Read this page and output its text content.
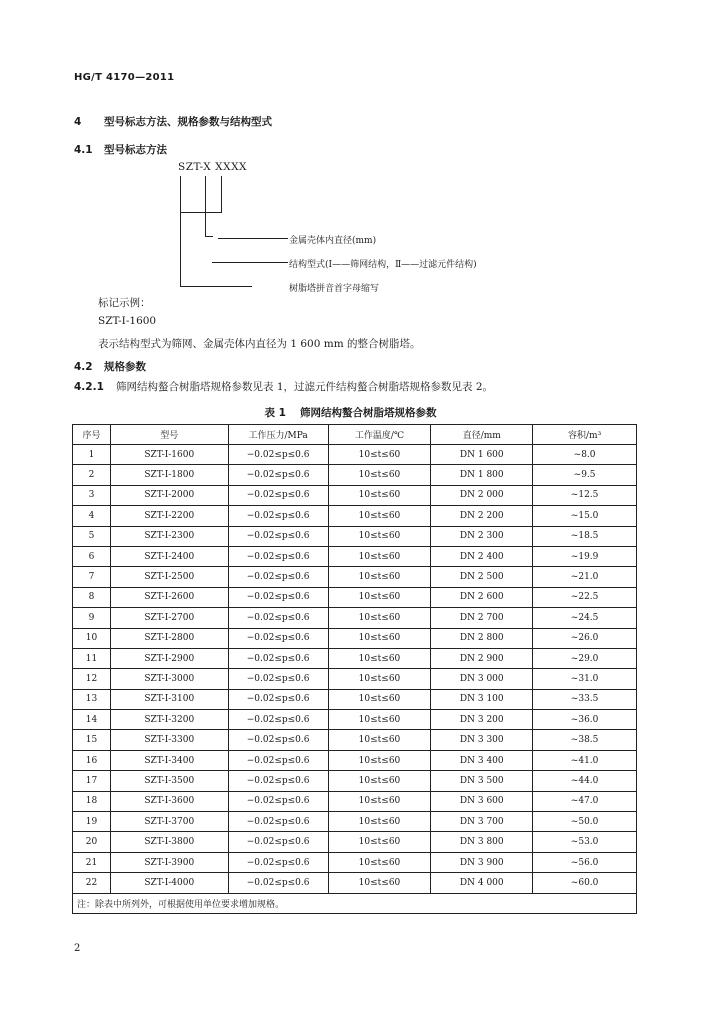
HG/T 4170—2011
4 型号标志方法、规格参数与结构型式
4.1 型号标志方法
SZT-X XXXX
金属壳体内直径(mm)
结构型式(Ⅰ——筛网结构，Ⅱ——过滤元件结构)
树脂塔拼音首字母缩写
标记示例：
SZT-Ⅰ-1600
表示结构型式为筛网、金属壳体内直径为 1 600 mm 的整合树脂塔。
4.2 规格参数
4.2.1 筛网结构螯合树脂塔规格参数见表 1，过滤元件结构螯合树脂塔规格参数见表 2。
表 1 筛网结构螯合树脂塔规格参数
序号	型号	工作压力/MPa	工作温度/℃	直径/mm	容积/m³
1	SZT-Ⅰ-1600	−0.02≤p≤0.6	10≤t≤60	DN 1 600	~8.0
2	SZT-Ⅰ-1800	−0.02≤p≤0.6	10≤t≤60	DN 1 800	~9.5
3	SZT-Ⅰ-2000	−0.02≤p≤0.6	10≤t≤60	DN 2 000	~12.5
4	SZT-Ⅰ-2200	−0.02≤p≤0.6	10≤t≤60	DN 2 200	~15.0
5	SZT-Ⅰ-2300	−0.02≤p≤0.6	10≤t≤60	DN 2 300	~18.5
6	SZT-Ⅰ-2400	−0.02≤p≤0.6	10≤t≤60	DN 2 400	~19.9
7	SZT-Ⅰ-2500	−0.02≤p≤0.6	10≤t≤60	DN 2 500	~21.0
8	SZT-Ⅰ-2600	−0.02≤p≤0.6	10≤t≤60	DN 2 600	~22.5
9	SZT-Ⅰ-2700	−0.02≤p≤0.6	10≤t≤60	DN 2 700	~24.5
10	SZT-Ⅰ-2800	−0.02≤p≤0.6	10≤t≤60	DN 2 800	~26.0
11	SZT-Ⅰ-2900	−0.02≤p≤0.6	10≤t≤60	DN 2 900	~29.0
12	SZT-Ⅰ-3000	−0.02≤p≤0.6	10≤t≤60	DN 3 000	~31.0
13	SZT-Ⅰ-3100	−0.02≤p≤0.6	10≤t≤60	DN 3 100	~33.5
14	SZT-Ⅰ-3200	−0.02≤p≤0.6	10≤t≤60	DN 3 200	~36.0
15	SZT-Ⅰ-3300	−0.02≤p≤0.6	10≤t≤60	DN 3 300	~38.5
16	SZT-Ⅰ-3400	−0.02≤p≤0.6	10≤t≤60	DN 3 400	~41.0
17	SZT-Ⅰ-3500	−0.02≤p≤0.6	10≤t≤60	DN 3 500	~44.0
18	SZT-Ⅰ-3600	−0.02≤p≤0.6	10≤t≤60	DN 3 600	~47.0
19	SZT-Ⅰ-3700	−0.02≤p≤0.6	10≤t≤60	DN 3 700	~50.0
20	SZT-Ⅰ-3800	−0.02≤p≤0.6	10≤t≤60	DN 3 800	~53.0
21	SZT-Ⅰ-3900	−0.02≤p≤0.6	10≤t≤60	DN 3 900	~56.0
22	SZT-Ⅰ-4000	−0.02≤p≤0.6	10≤t≤60	DN 4 000	~60.0
注：除表中所列外，可根据使用单位要求增加规格。					
2
